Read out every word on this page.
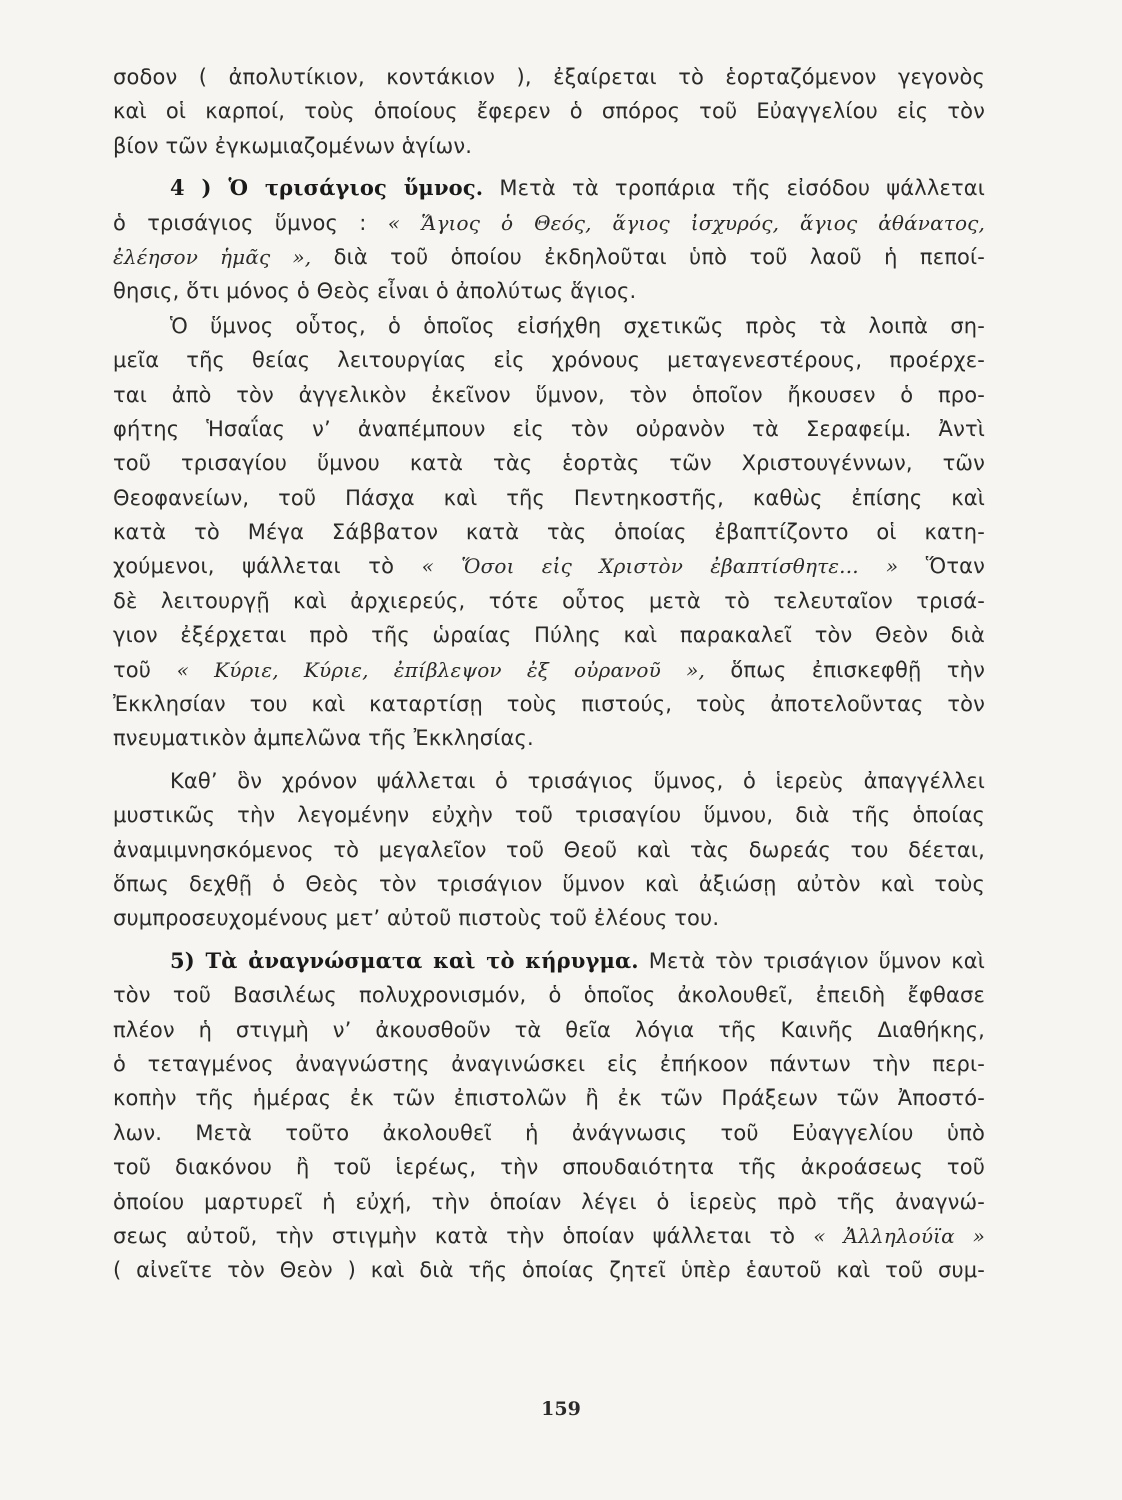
σοδον ( ἀπολυτίκιον, κοντάκιον ), ἐξαίρεται τὸ ἑορταζόμενον γεγονὸς
καὶ οἱ καρποί, τοὺς ὁποίους ἔφερεν ὁ σπόρος τοῦ Εὐαγγελίου εἰς τὸν
βίον τῶν ἐγκωμιαζομένων ἁγίων.
4 ) Ὁ τρισάγιος ὕμνος. Μετὰ τὰ τροπάρια τῆς εἰσόδου ψάλλεται
ὁ τρισάγιος ὕμνος : « Ἅγιος ὁ Θεός, ἅγιος ἰσχυρός, ἅγιος ἀθάνατος,
ἐλέησον ἡμᾶς », διὰ τοῦ ὁποίου ἐκδηλοῦται ὑπὸ τοῦ λαοῦ ἡ πεποί-
θησις, ὅτι μόνος ὁ Θεὸς εἶναι ὁ ἀπολύτως ἅγιος.
Ὁ ὕμνος οὗτος, ὁ ὁποῖος εἰσήχθη σχετικῶς πρὸς τὰ λοιπὰ ση-
μεῖα τῆς θείας λειτουργίας εἰς χρόνους μεταγενεστέρους, προέρχε-
ται ἀπὸ τὸν ἀγγελικὸν ἐκεῖνον ὕμνον, τὸν ὁποῖον ἤκουσεν ὁ προ-
φήτης Ἡσαΐας ν’ ἀναπέμπουν εἰς τὸν οὐρανὸν τὰ Σεραφείμ. Ἀντὶ
τοῦ τρισαγίου ὕμνου κατὰ τὰς ἑορτὰς τῶν Χριστουγέννων, τῶν
Θεοφανείων, τοῦ Πάσχα καὶ τῆς Πεντηκοστῆς, καθὼς ἐπίσης καὶ
κατὰ τὸ Μέγα Σάββατον κατὰ τὰς ὁποίας ἐβαπτίζοντο οἱ κατη-
χούμενοι, ψάλλεται τὸ « Ὅσοι εἰς Χριστὸν ἐβαπτίσθητε... » Ὅταν
δὲ λειτουργῇ καὶ ἀρχιερεύς, τότε οὗτος μετὰ τὸ τελευταῖον τρισά-
γιον ἐξέρχεται πρὸ τῆς ὡραίας Πύλης καὶ παρακαλεῖ τὸν Θεὸν διὰ
τοῦ « Κύριε, Κύριε, ἐπίβλεψον ἐξ οὐρανοῦ », ὅπως ἐπισκεφθῇ τὴν
Ἐκκλησίαν του καὶ καταρτίσῃ τοὺς πιστούς, τοὺς ἀποτελοῦντας τὸν
πνευματικὸν ἀμπελῶνα τῆς Ἐκκλησίας.
Καθ’ ὃν χρόνον ψάλλεται ὁ τρισάγιος ὕμνος, ὁ ἱερεὺς ἀπαγγέλλει
μυστικῶς τὴν λεγομένην εὐχὴν τοῦ τρισαγίου ὕμνου, διὰ τῆς ὁποίας
ἀναμιμνησκόμενος τὸ μεγαλεῖον τοῦ Θεοῦ καὶ τὰς δωρεάς του δέεται,
ὅπως δεχθῇ ὁ Θεὸς τὸν τρισάγιον ὕμνον καὶ ἀξιώσῃ αὐτὸν καὶ τοὺς
συμπροσευχομένους μετ’ αὐτοῦ πιστοὺς τοῦ ἐλέους του.
5) Τὰ ἀναγνώσματα καὶ τὸ κήρυγμα. Μετὰ τὸν τρισάγιον ὕμνον καὶ
τὸν τοῦ Βασιλέως πολυχρονισμόν, ὁ ὁποῖος ἀκολουθεῖ, ἐπειδὴ ἔφθασε
πλέον ἡ στιγμὴ ν’ ἀκουσθοῦν τὰ θεῖα λόγια τῆς Καινῆς Διαθήκης,
ὁ τεταγμένος ἀναγνώστης ἀναγινώσκει εἰς ἐπήκοον πάντων τὴν περι-
κοπὴν τῆς ἡμέρας ἐκ τῶν ἐπιστολῶν ἢ ἐκ τῶν Πράξεων τῶν Ἀποστό-
λων. Μετὰ τοῦτο ἀκολουθεῖ ἡ ἀνάγνωσις τοῦ Εὐαγγελίου ὑπὸ
τοῦ διακόνου ἢ τοῦ ἱερέως, τὴν σπουδαιότητα τῆς ἀκροάσεως τοῦ
ὁποίου μαρτυρεῖ ἡ εὐχή, τὴν ὁποίαν λέγει ὁ ἱερεὺς πρὸ τῆς ἀναγνώ-
σεως αὐτοῦ, τὴν στιγμὴν κατὰ τὴν ὁποίαν ψάλλεται τὸ « Ἀλληλούϊα »
( αἰνεῖτε τὸν Θεὸν ) καὶ διὰ τῆς ὁποίας ζητεῖ ὑπὲρ ἑαυτοῦ καὶ τοῦ συμ-
159
